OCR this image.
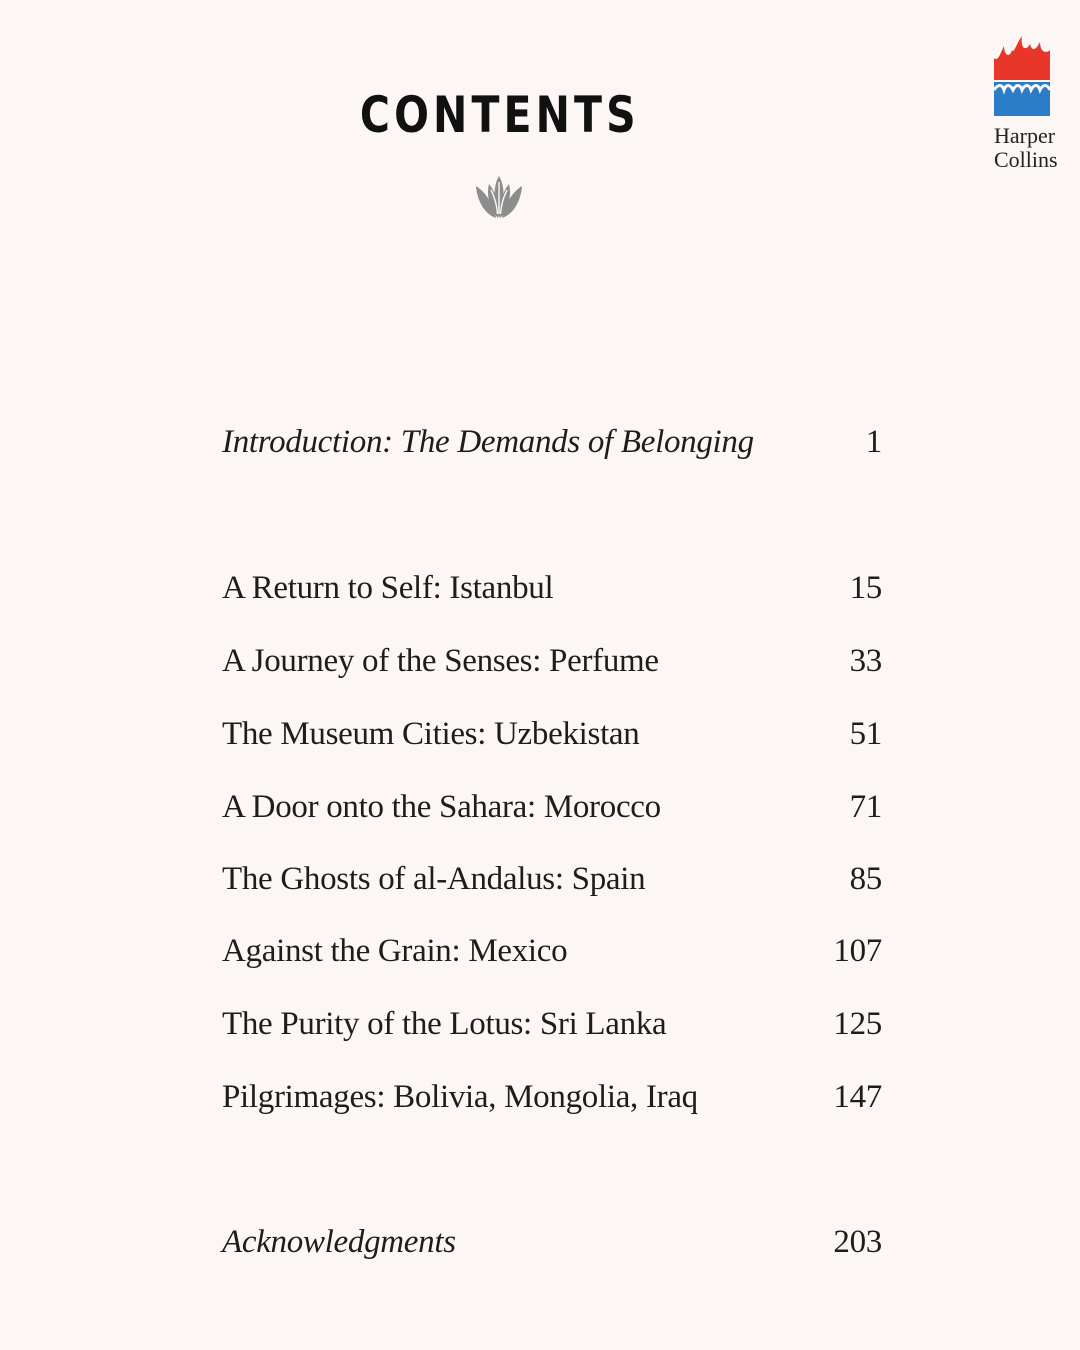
CONTENTS	Harper
Collins
Introduction: The Demands of Belonging	1
A Return to Self: Istanbul	15
A Journey of the Senses: Perfume	33
The Museum Cities: Uzbekistan	51
A Door onto the Sahara: Morocco	71
The Ghosts of al-Andalus: Spain	85
Against the Grain: Mexico	107
The Purity of the Lotus: Sri Lanka	125
Pilgrimages: Bolivia, Mongolia, Iraq	147
Acknowledgments	203
